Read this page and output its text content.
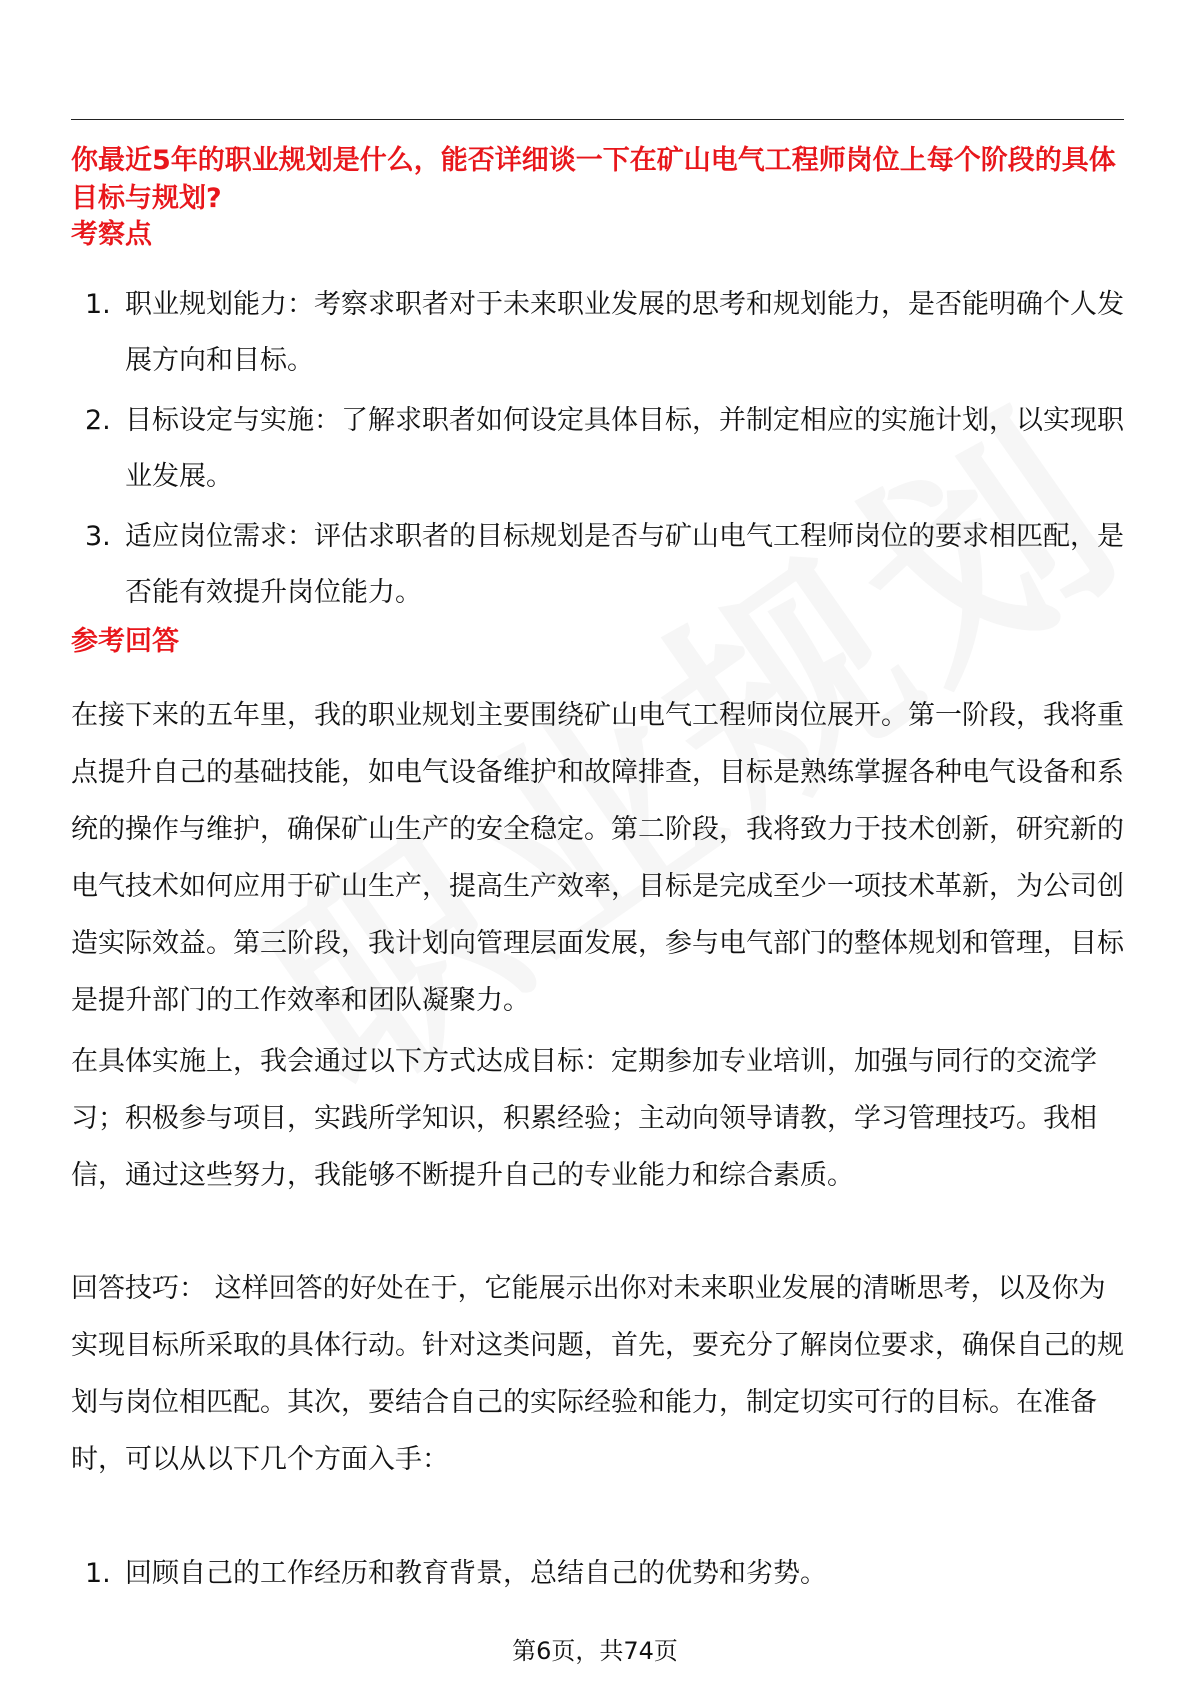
你最近5年的职业规划是什么，能否详细谈一下在矿山电气工程师岗位上每个阶段的具体目标与规划?
考察点
1. 职业规划能力：考察求职者对于未来职业发展的思考和规划能力，是否能明确个人发展方向和目标。
2. 目标设定与实施：了解求职者如何设定具体目标，并制定相应的实施计划，以实现职业发展。
3. 适应岗位需求：评估求职者的目标规划是否与矿山电气工程师岗位的要求相匹配，是否能有效提升岗位能力。
参考回答

在接下来的五年里，我的职业规划主要围绕矿山电气工程师岗位展开。第一阶段，我将重点提升自己的基础技能，如电气设备维护和故障排查，目标是熟练掌握各种电气设备和系统的操作与维护，确保矿山生产的安全稳定。第二阶段，我将致力于技术创新，研究新的电气技术如何应用于矿山生产，提高生产效率，目标是完成至少一项技术革新，为公司创造实际效益。第三阶段，我计划向管理层面发展，参与电气部门的整体规划和管理，目标是提升部门的工作效率和团队凝聚力。

在具体实施上，我会通过以下方式达成目标：定期参加专业培训，加强与同行的交流学习；积极参与项目，实践所学知识，积累经验；主动向领导请教，学习管理技巧。我相信，通过这些努力，我能够不断提升自己的专业能力和综合素质。

回答技巧： 这样回答的好处在于，它能展示出你对未来职业发展的清晰思考，以及你为实现目标所采取的具体行动。针对这类问题，首先，要充分了解岗位要求，确保自己的规划与岗位相匹配。其次，要结合自己的实际经验和能力，制定切实可行的目标。在准备时，可以从以下几个方面入手：

1. 回顾自己的工作经历和教育背景，总结自己的优势和劣势。
第6页，共74页
